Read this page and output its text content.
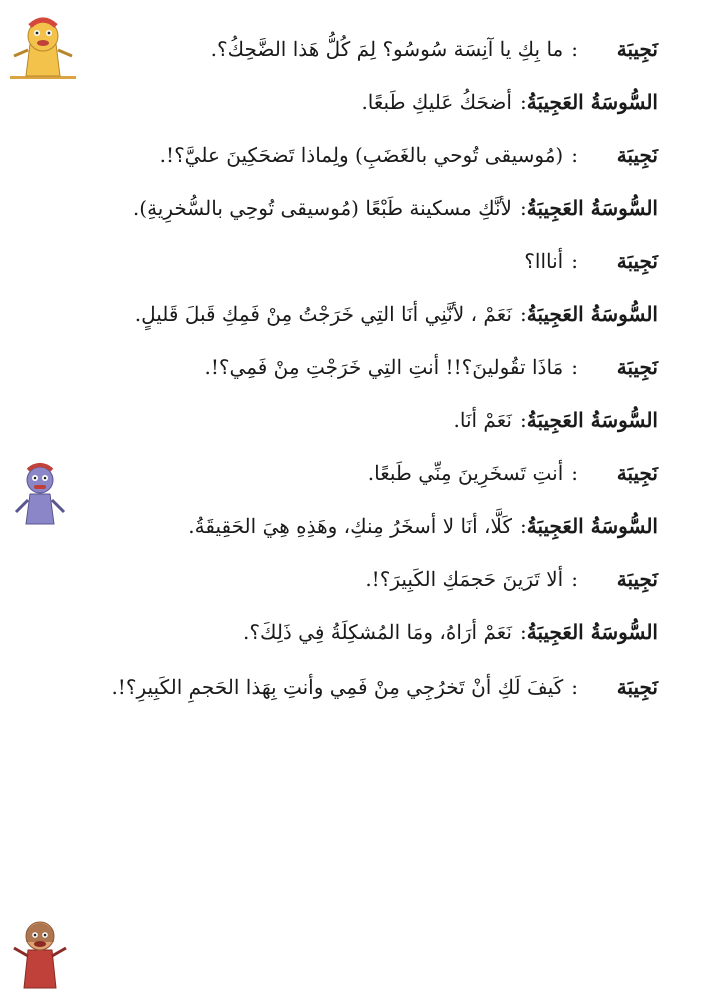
نَجِيبَة
:
ما بِكِ يا آنِسَة سُوسُو؟ لِمَ كُلُّ هَذا الضَّحِكُ؟.
السُّوسَةُ العَجِيبَةُ
:
أضحَكُ عَليكِ طَبعًا.
نَجِيبَة
:
(مُوسيقى تُوحي بالغَضَبِ) ولِماذا تَضحَكِينَ عليَّ؟!.
السُّوسَةُ العَجِيبَةُ
:
لأنَّكِ مسكينة طَبْعًا (مُوسيقى تُوحِي بالسُّخرِيةِ).
نَجِيبَة
:
أنااا؟
السُّوسَةُ العَجِيبَةُ
:
نَعَمْ ، لأنَّنِي أنَا التِي خَرَجْتُ مِنْ فَمِكِ قَبلَ قَليلٍ.
نَجِيبَة
:
مَاذَا تقُولينَ؟!! أنتِ التِي خَرَجْتِ مِنْ فَمِي؟!.
السُّوسَةُ العَجِيبَةُ
:
نَعَمْ أنَا.
نَجِيبَة
:
أنتِ تَسخَرِينَ مِنِّي طَبعًا.
السُّوسَةُ العَجِيبَةُ
:
كَلَّا، أنَا لا أسخَرُ مِنكِ، وهَذِهِ هِيَ الحَقِيقَةُ.
نَجِيبَة
:
ألا تَرَينَ حَجمَكِ الكَبِيرَ؟!.
السُّوسَةُ العَجِيبَةُ
:
نَعَمْ أرَاهُ، ومَا المُشكِلَةُ فِي ذَلِكَ؟.
نَجِيبَة
:
كَيفَ لَكِ أنْ تَخرُجِي مِنْ فَمِي وأنتِ بِهَذا الحَجمِ الكَبِيرِ؟!.
